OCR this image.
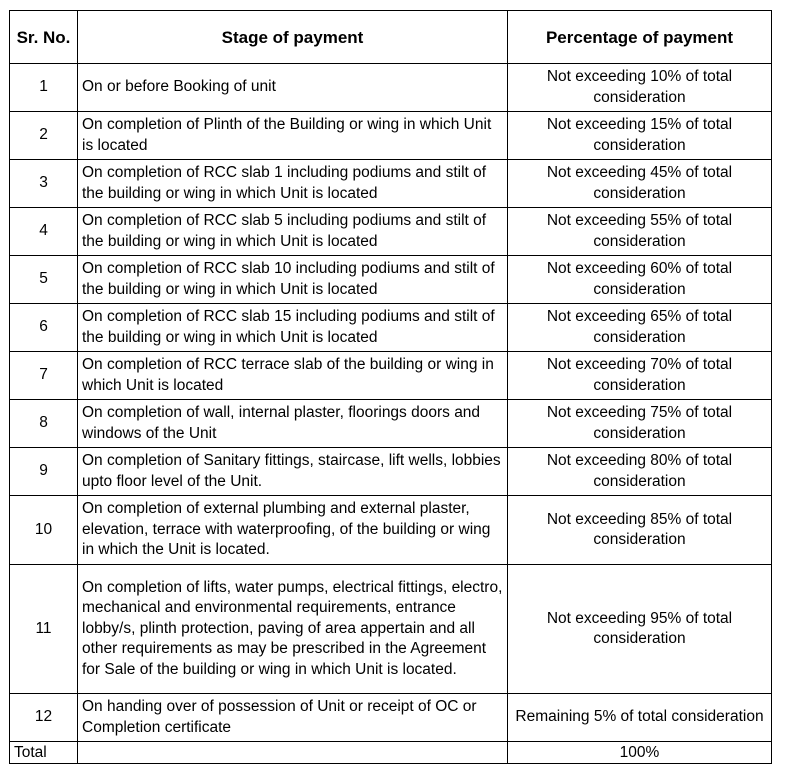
Sr. No.	Stage of payment	Percentage of payment
1	On or before Booking of unit	Not exceeding 10% of total consideration
2	On completion of Plinth of the Building or wing in which Unit is located	Not exceeding 15% of total consideration
3	On completion of RCC slab 1 including podiums and stilt of the building or wing in which Unit is located	Not exceeding 45% of total consideration
4	On completion of RCC slab 5 including podiums and stilt of the building or wing in which Unit is located	Not exceeding 55% of total consideration
5	On completion of RCC slab 10 including podiums and stilt of the building or wing in which Unit is located	Not exceeding 60% of total consideration
6	On completion of RCC slab 15 including podiums and stilt of the building or wing in which Unit is located	Not exceeding 65% of total consideration
7	On completion of RCC terrace slab of the building or wing in which Unit is located	Not exceeding 70% of total consideration
8	On completion of wall, internal plaster, floorings doors and windows of the Unit	Not exceeding 75% of total consideration
9	On completion of Sanitary fittings, staircase, lift wells, lobbies upto floor level of the Unit.	Not exceeding 80% of total consideration
10	On completion of external plumbing and external plaster, elevation, terrace with waterproofing, of the building or wing in which the Unit is located.	Not exceeding 85% of total consideration
11	On completion of lifts, water pumps, electrical fittings, electro, mechanical and environmental requirements, entrance lobby/s, plinth protection, paving of area appertain and all other requirements as may be prescribed in the Agreement for Sale of the building or wing in which Unit is located.	Not exceeding 95% of total consideration
12	On handing over of possession of Unit or receipt of OC or Completion certificate	Remaining 5% of total consideration
Total		100%
